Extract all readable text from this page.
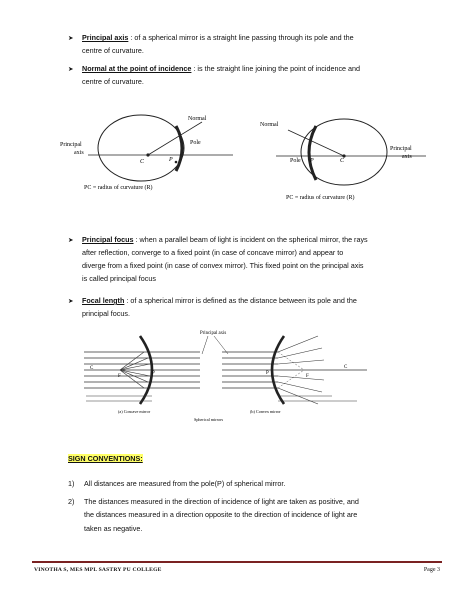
➤	Principal axis : of a spherical mirror is a straight line passing through its pole and the
centre of curvature.
➤	Normal at the point of incidence : is the straight line joining the point of incidence and
centre of curvature.
Normal
Pole
Principal
axis
C	P
PC = radius of curvature (R)
Normal
Principal
axis
Pole P	C
PC = radius of curvature (R)
➤	Principal focus : when a parallel beam of light is incident on the spherical mirror, the rays
after reflection, converge to a fixed point (in case of concave mirror) and appear to
diverge from a fixed point (in case of convex mirror). This fixed point on the principal axis
is called principal focus
➤	Focal length : of a spherical mirror is defined as the distance between its pole and the
principal focus.
C
F
P
Principal axis
P
F
C
(a) Concave mirror	(b) Convex mirror
Spherical mirrors
SIGN CONVENTIONS:
1)	All distances are measured from the pole(P) of spherical mirror.
2)	The distances measured in the direction of incidence of light are taken as positive, and
the distances measured in a direction opposite to the direction of incidence of light are
taken as negative.
VINOTHA S, MES MPL SASTRY PU COLLEGE	Page 3
